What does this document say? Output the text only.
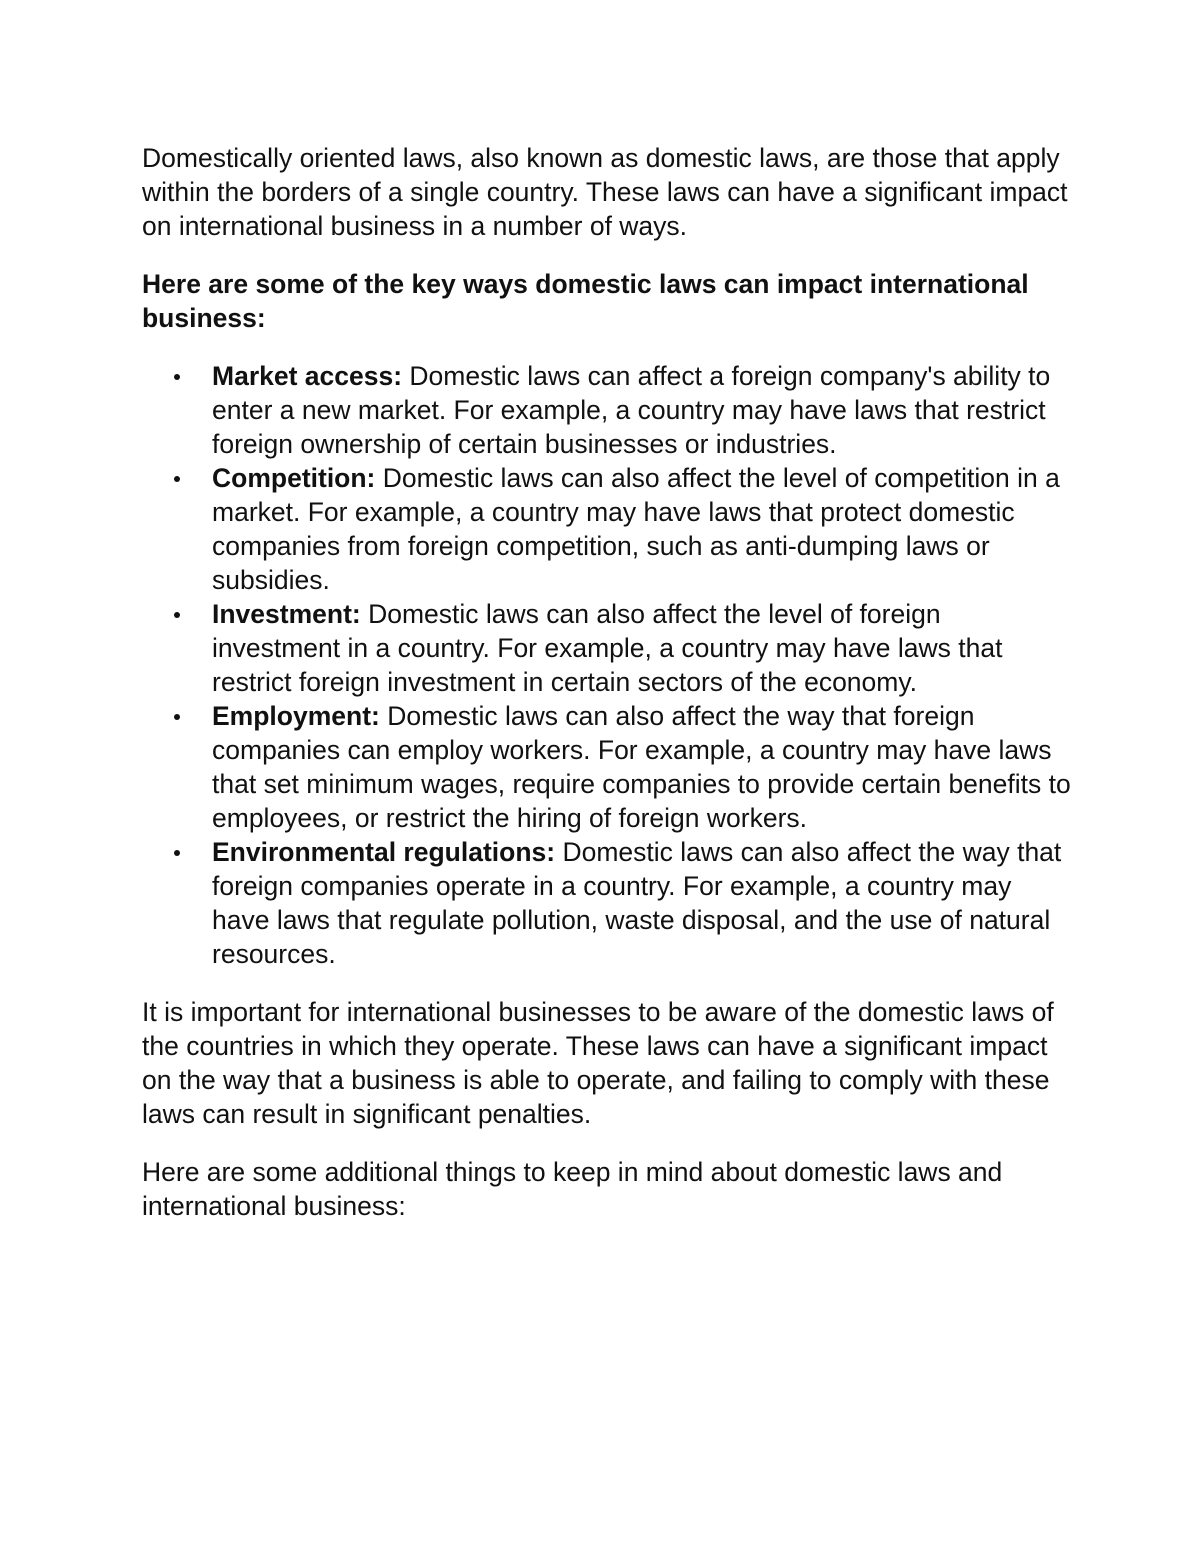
Domestically oriented laws, also known as domestic laws, are those that apply within the borders of a single country. These laws can have a significant impact on international business in a number of ways.

Here are some of the key ways domestic laws can impact international business:

Market access: Domestic laws can affect a foreign company's ability to enter a new market. For example, a country may have laws that restrict foreign ownership of certain businesses or industries.
Competition: Domestic laws can also affect the level of competition in a market. For example, a country may have laws that protect domestic companies from foreign competition, such as anti-dumping laws or subsidies.
Investment: Domestic laws can also affect the level of foreign investment in a country. For example, a country may have laws that restrict foreign investment in certain sectors of the economy.
Employment: Domestic laws can also affect the way that foreign companies can employ workers. For example, a country may have laws that set minimum wages, require companies to provide certain benefits to employees, or restrict the hiring of foreign workers.
Environmental regulations: Domestic laws can also affect the way that foreign companies operate in a country. For example, a country may have laws that regulate pollution, waste disposal, and the use of natural resources.

It is important for international businesses to be aware of the domestic laws of the countries in which they operate. These laws can have a significant impact on the way that a business is able to operate, and failing to comply with these laws can result in significant penalties.

Here are some additional things to keep in mind about domestic laws and international business:
